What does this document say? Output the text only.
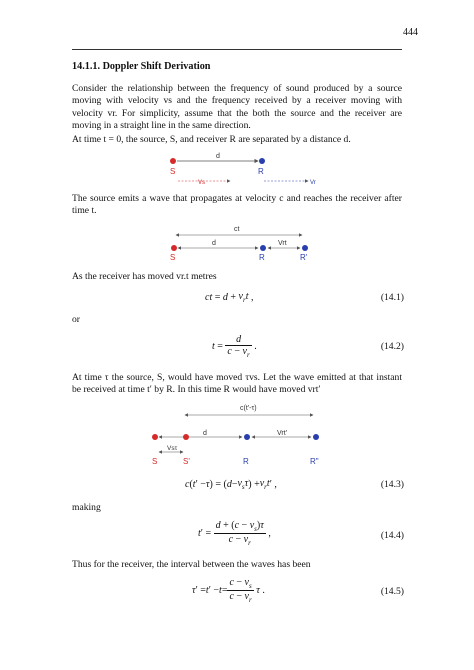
444
14.1.1. Doppler Shift Derivation

Consider the relationship between the frequency of sound produced by a source moving with velocity vs and the frequency received by a receiver moving with velocity vr. For simplicity, assume that the both the source and the receiver are moving in a straight line in the same direction.

At time t = 0, the source, S, and receiver R are separated by a distance d.

d
S	R
Vs	Vr

The source emits a wave that propagates at velocity c and reaches the receiver after time t.

ct
d	Vrt
S	R	R'

As the receiver has moved vr.t metres

ct
=
d
+
$v_rt$
,	(14.1)

or

t
=
$\frac{d}{c - v_r}$
.	(14.2)

At time τ the source, S, would have moved τvs. Let the wave emitted at that instant be received at time t′ by R. In this time R would have moved vrt′

c(t'-τ)
d	Vrt'
Vsτ
S	S'	R	R"
c ( t ′ − τ ) = ( $d - v_s\tau$ ) + $v_rt$ ′ ,	(14.3)

making

t ′ =
$\frac{d + (c - v_s)\tau}{c - v_r}$
,	(14.4)

Thus for the receiver, the interval between the waves has been

τ ′ = t ′ − $t = \frac{c - v_s}{c - v_r}$
τ
.	(14.5)
